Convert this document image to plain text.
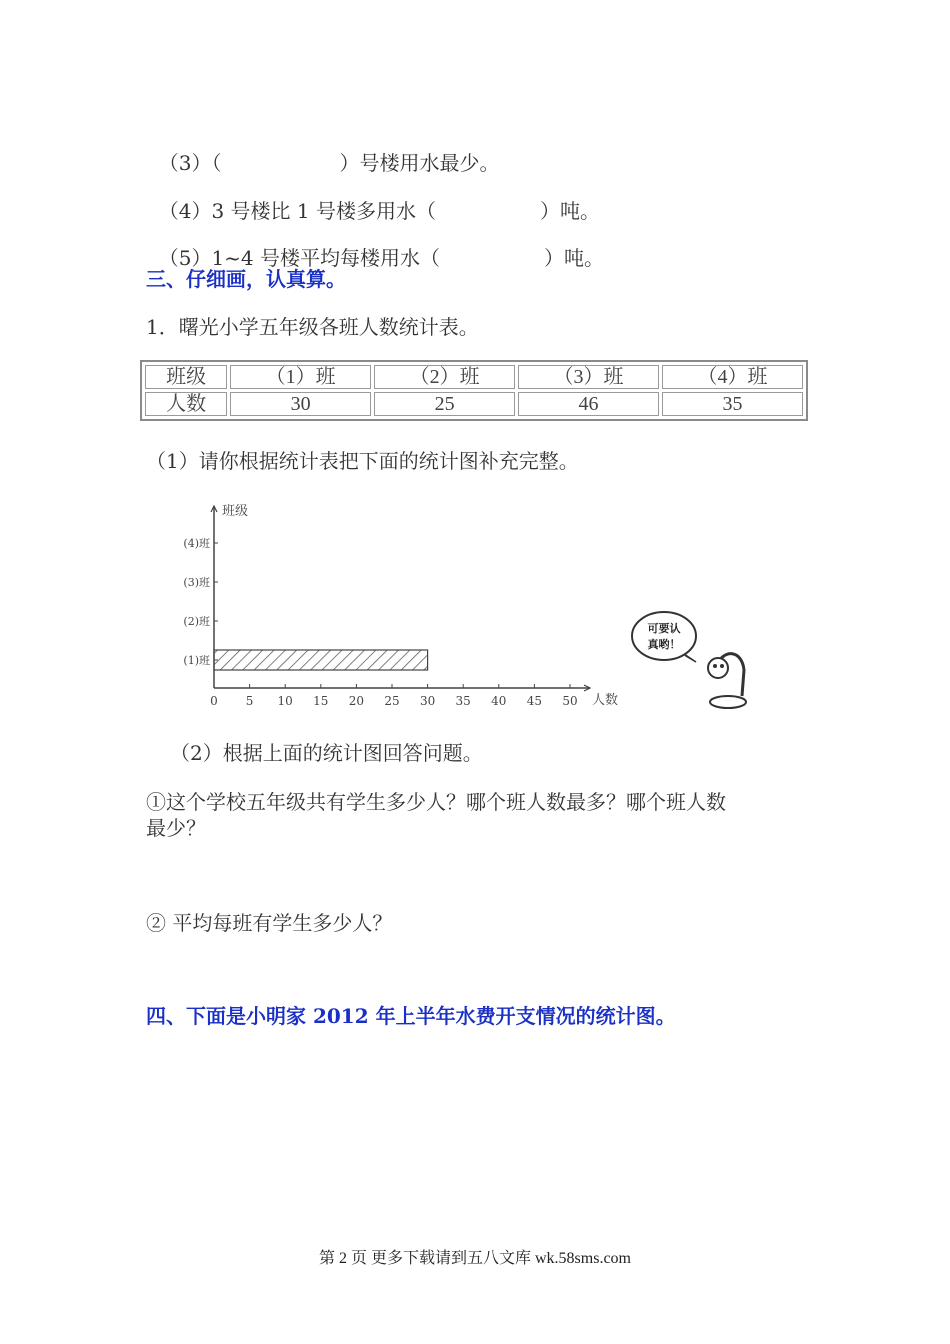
（3）（	）号楼用水最少。

（4）3 号楼比 1 号楼多用水（	）吨。

（5）1~4 号楼平均每楼用水（	）吨。

三、仔细画，认真算。
1．曙光小学五年级各班人数统计表。
班级	（1）班	（2）班	（3）班	（4）班
人数	30	25	46	35
（1）请你根据统计表把下面的统计图补充完整。
班级
人数
0 5 10 15 20 25 30 35 40 45 50
(1)班
(2)班
(3)班
(4)班
可要认
真哟！
（2）根据上面的统计图回答问题。
①这个学校五年级共有学生多少人？哪个班人数最多？哪个班人数
最少？
② 平均每班有学生多少人？
四、下面是小明家 2012 年上半年水费开支情况的统计图。
第 2 页 更多下载请到五八文库 wk.58sms.com
